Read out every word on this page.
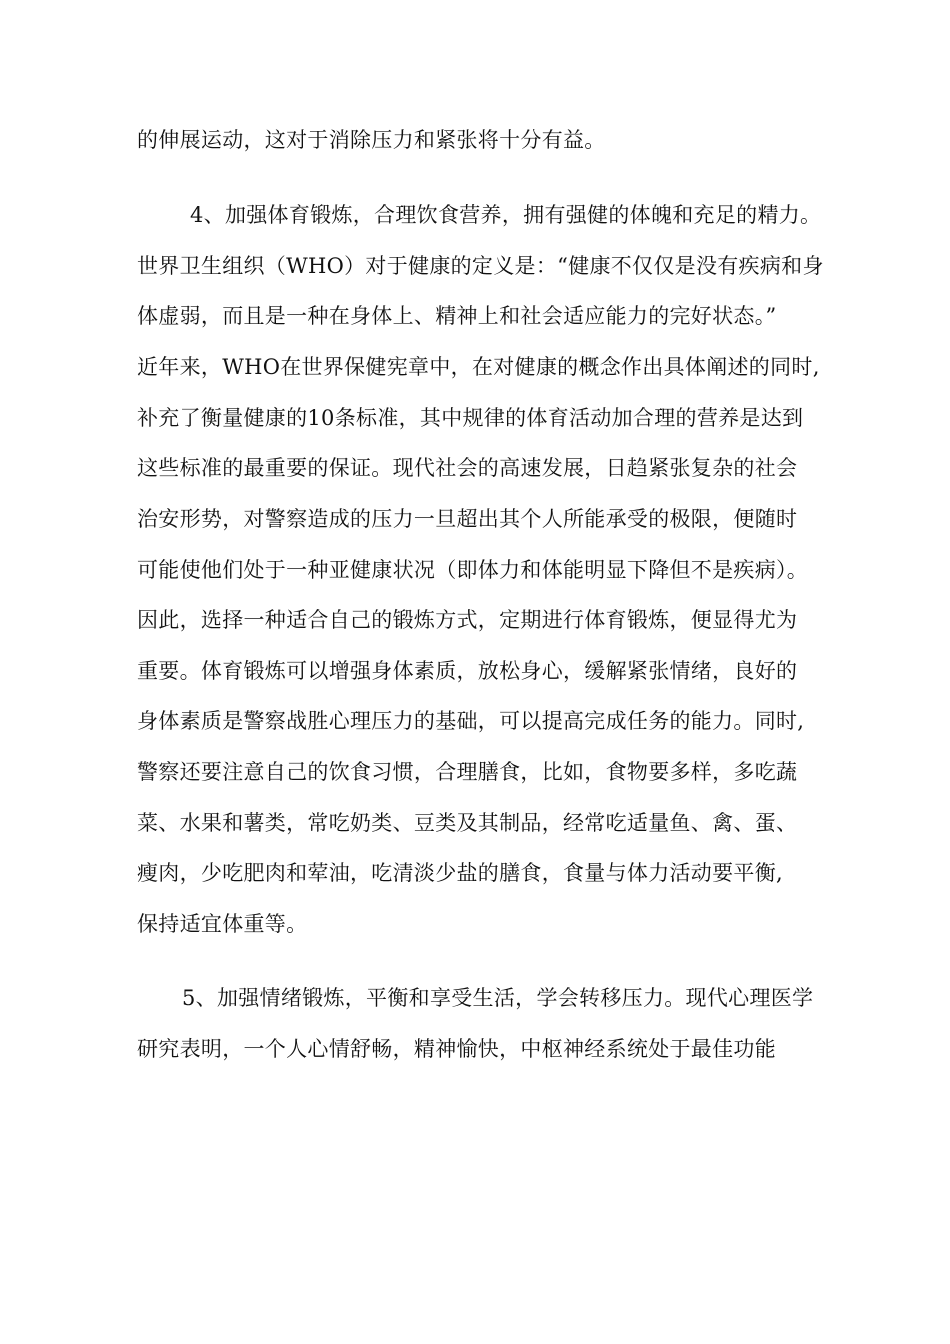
的伸展运动，这对于消除压力和紧张将十分有益。
4、加强体育锻炼，合理饮食营养，拥有强健的体魄和充足的精力。
世界卫生组织（WHO）对于健康的定义是：“健康不仅仅是没有疾病和身
体虚弱，而且是一种在身体上、精神上和社会适应能力的完好状态。”
近年来，WHO在世界保健宪章中，在对健康的概念作出具体阐述的同时,
补充了衡量健康的10条标准，其中规律的体育活动加合理的营养是达到
这些标准的最重要的保证。现代社会的高速发展，日趋紧张复杂的社会
治安形势，对警察造成的压力一旦超出其个人所能承受的极限，便随时
可能使他们处于一种亚健康状况（即体力和体能明显下降但不是疾病）。
因此，选择一种适合自己的锻炼方式，定期进行体育锻炼，便显得尤为
重要。体育锻炼可以增强身体素质，放松身心，缓解紧张情绪，良好的
身体素质是警察战胜心理压力的基础，可以提高完成任务的能力。同时,
警察还要注意自己的饮食习惯，合理膳食，比如，食物要多样，多吃蔬
菜、水果和薯类，常吃奶类、豆类及其制品，经常吃适量鱼、禽、蛋、
瘦肉，少吃肥肉和荤油，吃清淡少盐的膳食，食量与体力活动要平衡,
保持适宜体重等。
5、加强情绪锻炼，平衡和享受生活，学会转移压力。现代心理医学
研究表明，一个人心情舒畅，精神愉快，中枢神经系统处于最佳功能
